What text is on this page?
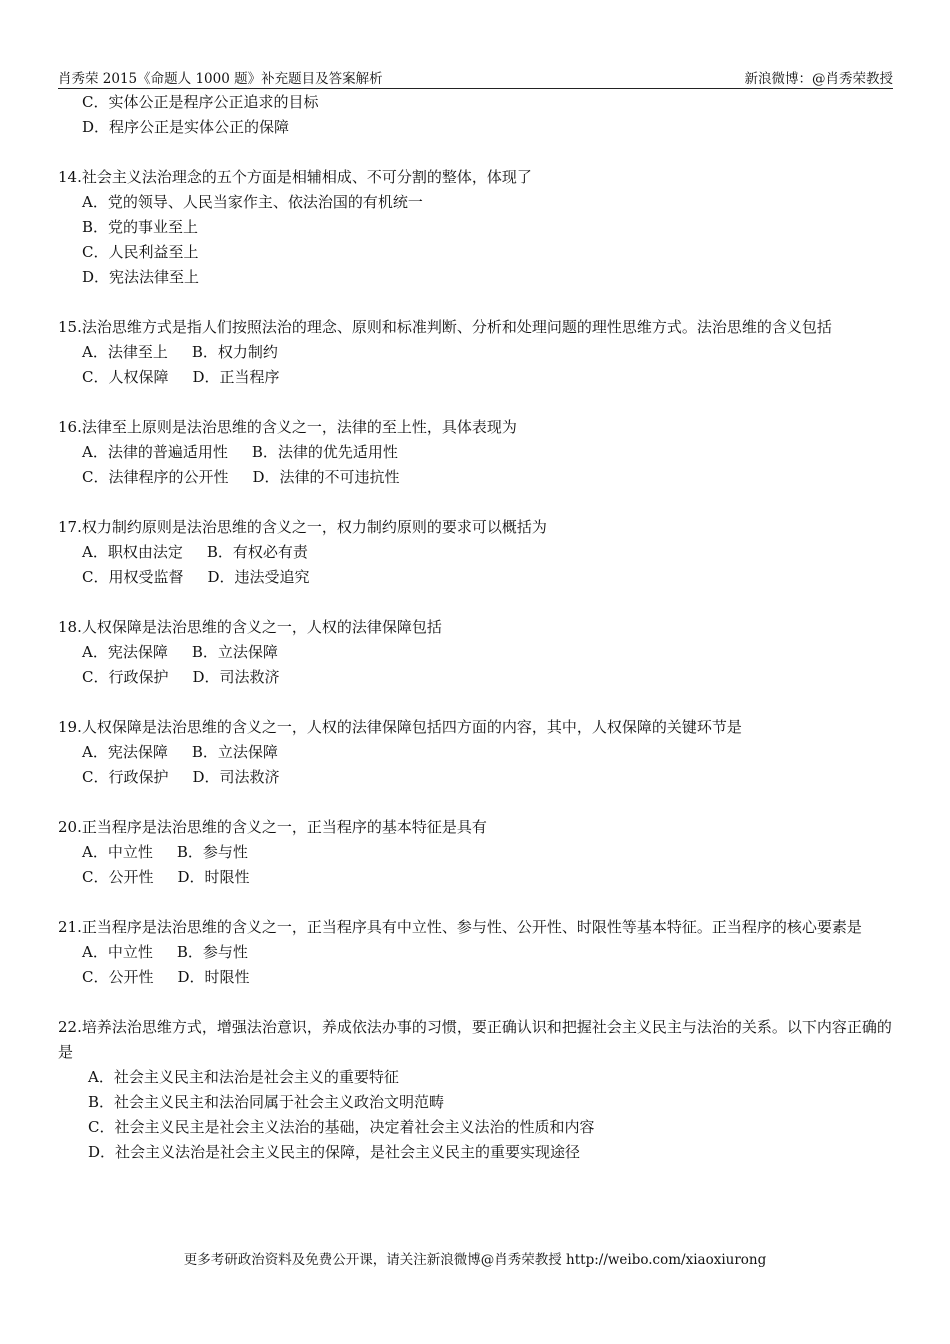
肖秀荣 2015《命题人 1000 题》补充题目及答案解析	新浪微博：@肖秀荣教授
C．实体公正是程序公正追求的目标
D．程序公正是实体公正的保障

14.社会主义法治理念的五个方面是相辅相成、不可分割的整体，体现了

A．党的领导、人民当家作主、依法治国的有机统一
B．党的事业至上
C．人民利益至上
D．宪法法律至上

15.法治思维方式是指人们按照法治的理念、原则和标准判断、分析和处理问题的理性思维方式。法治思维的含义包括

A．法律至上 B．权力制约
C．人权保障 D．正当程序

16.法律至上原则是法治思维的含义之一，法律的至上性，具体表现为

A．法律的普遍适用性 B．法律的优先适用性
C．法律程序的公开性 D．法律的不可违抗性

17.权力制约原则是法治思维的含义之一，权力制约原则的要求可以概括为

A．职权由法定 B．有权必有责
C．用权受监督 D．违法受追究

18.人权保障是法治思维的含义之一，人权的法律保障包括

A．宪法保障 B．立法保障
C．行政保护 D．司法救济

19.人权保障是法治思维的含义之一，人权的法律保障包括四方面的内容，其中，人权保障的关键环节是

A．宪法保障 B．立法保障
C．行政保护 D．司法救济

20.正当程序是法治思维的含义之一，正当程序的基本特征是具有

A．中立性 B．参与性
C．公开性 D．时限性

21.正当程序是法治思维的含义之一，正当程序具有中立性、参与性、公开性、时限性等基本特征。正当程序的核心要素是

A．中立性 B．参与性
C．公开性 D．时限性

22.培养法治思维方式，增强法治意识，养成依法办事的习惯，要正确认识和把握社会主义民主与法治的关系。以下内容正确的是

A．社会主义民主和法治是社会主义的重要特征
B．社会主义民主和法治同属于社会主义政治文明范畴
C．社会主义民主是社会主义法治的基础，决定着社会主义法治的性质和内容
D．社会主义法治是社会主义民主的保障，是社会主义民主的重要实现途径
更多考研政治资料及免费公开课，请关注新浪微博@肖秀荣教授 http://weibo.com/xiaoxiurong
